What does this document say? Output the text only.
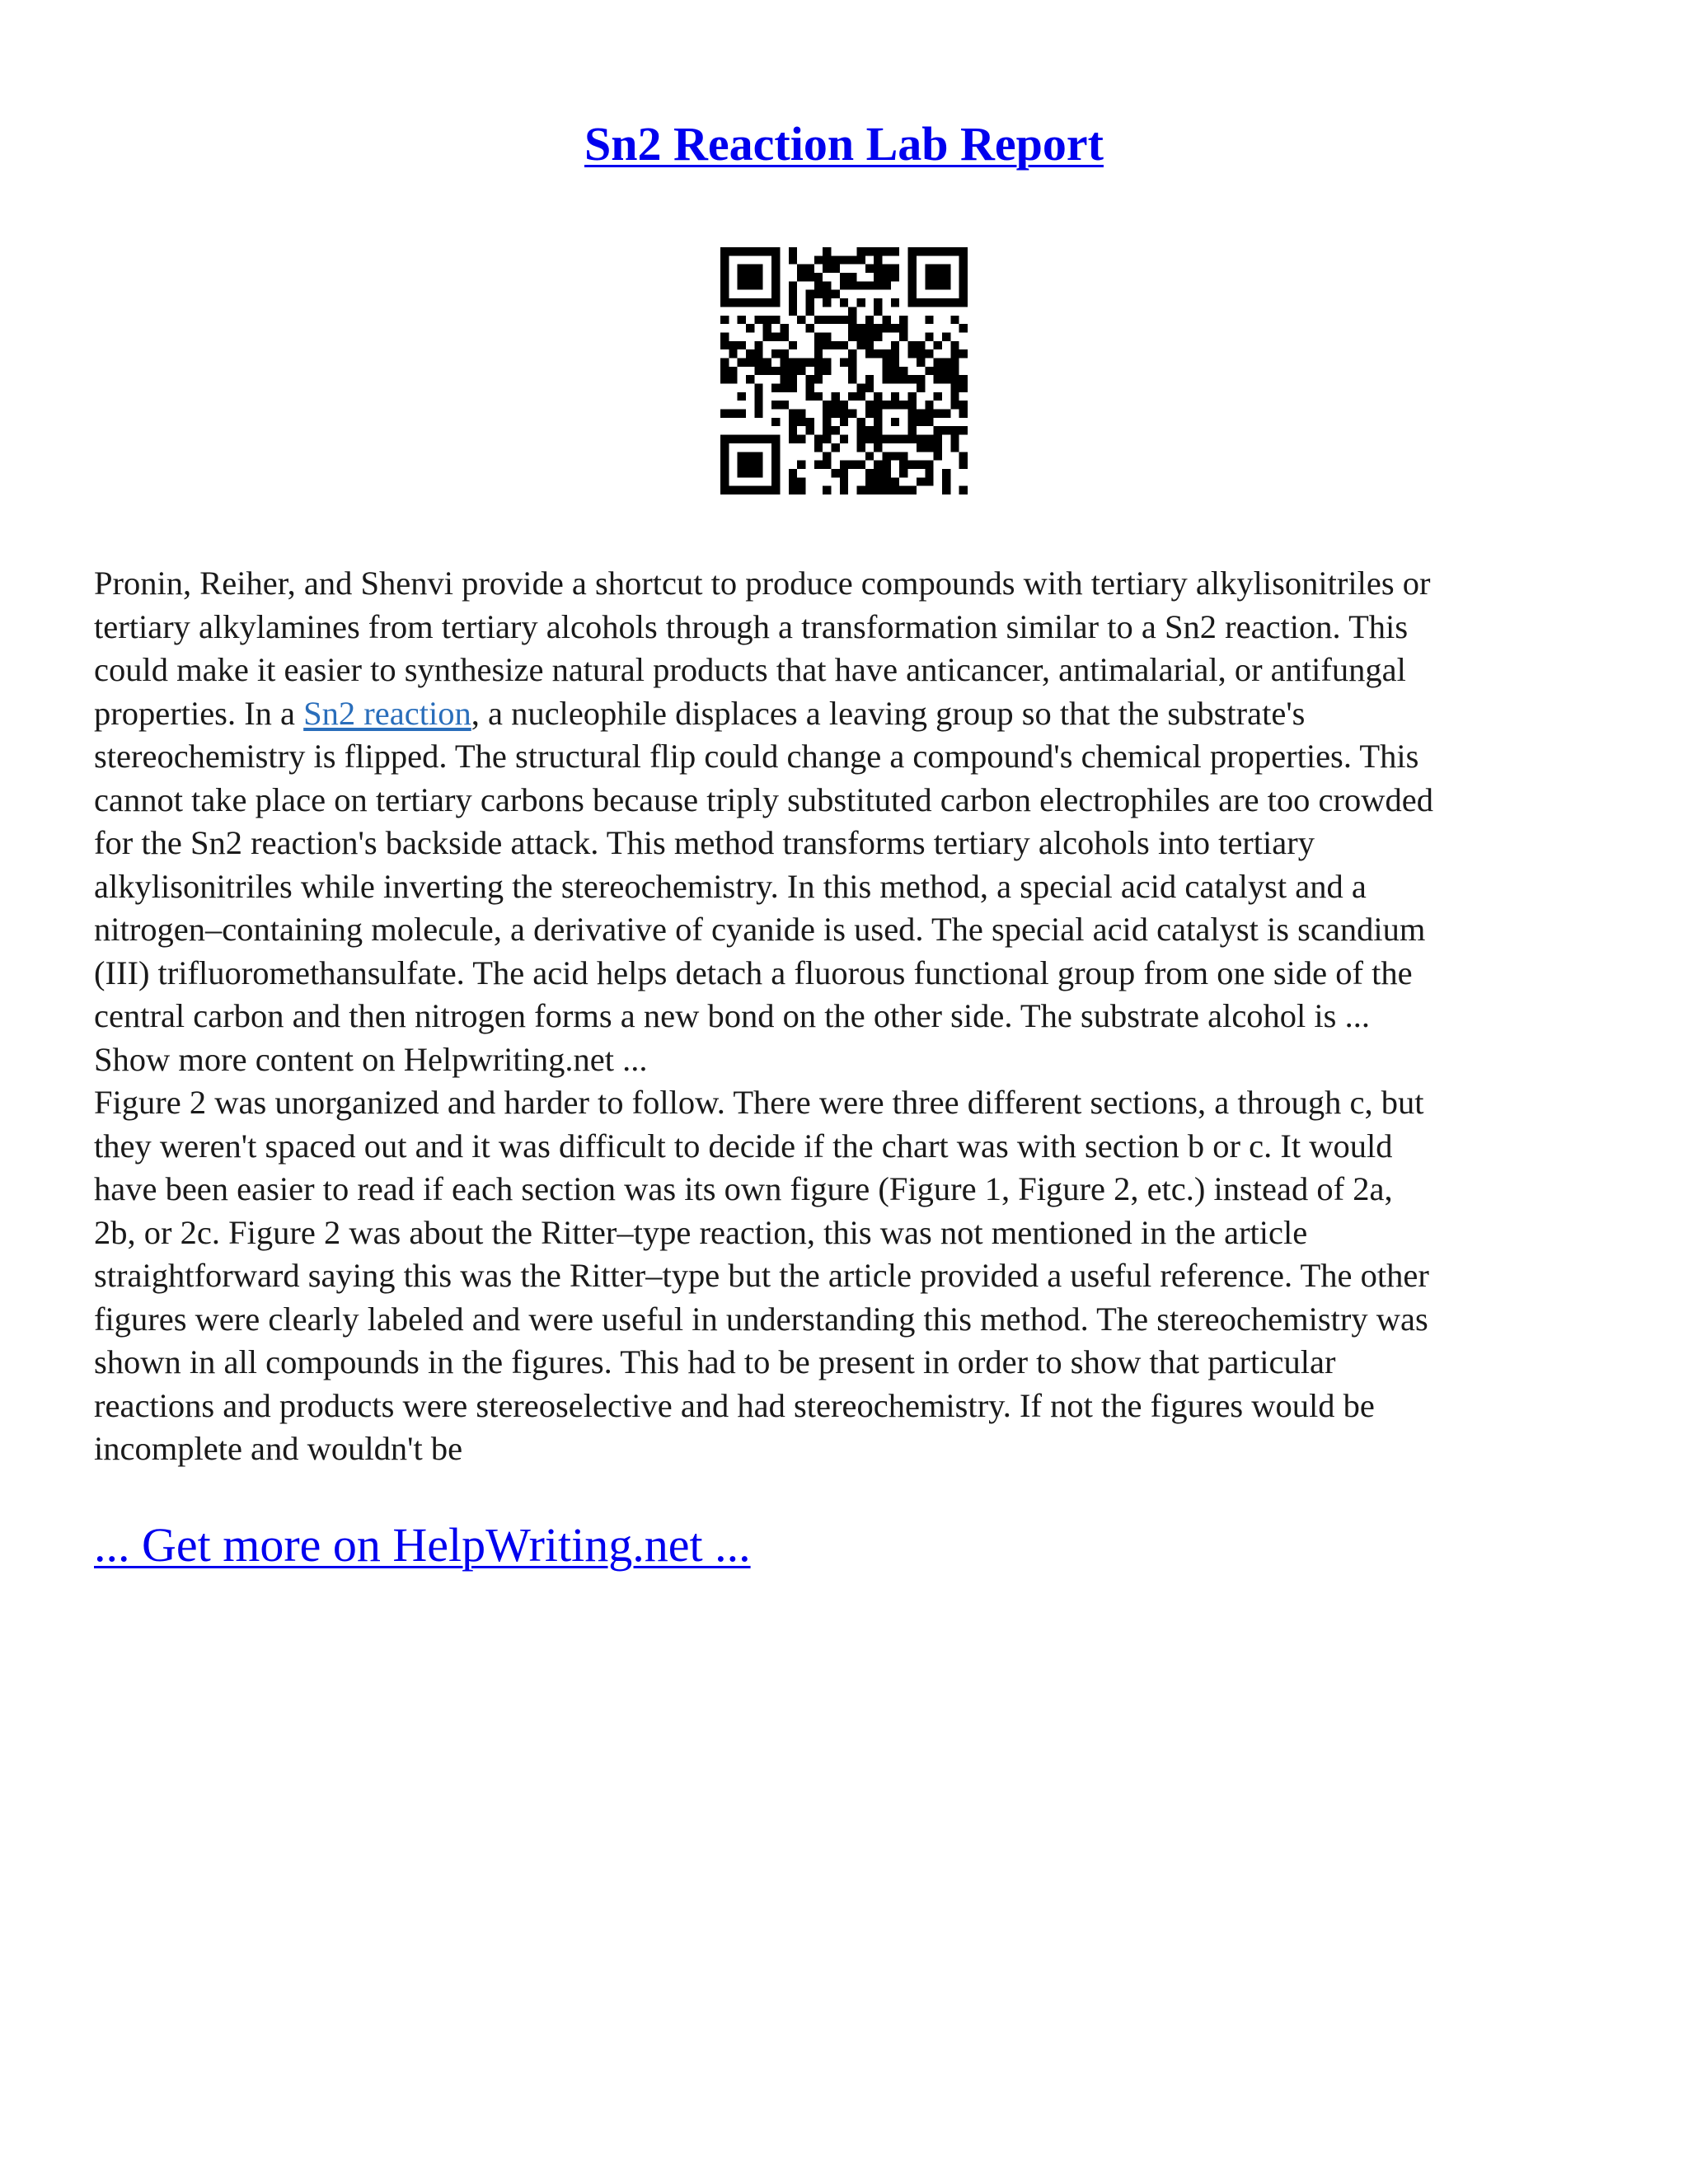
Sn2 Reaction Lab Report
Pronin, Reiher, and Shenvi provide a shortcut to produce compounds with tertiary alkylisonitriles or
tertiary alkylamines from tertiary alcohols through a transformation similar to a Sn2 reaction. This
could make it easier to synthesize natural products that have anticancer, antimalarial, or antifungal
properties. In a Sn2 reaction, a nucleophile displaces a leaving group so that the substrate's
stereochemistry is flipped. The structural flip could change a compound's chemical properties. This
cannot take place on tertiary carbons because triply substituted carbon electrophiles are too crowded
for the Sn2 reaction's backside attack. This method transforms tertiary alcohols into tertiary
alkylisonitriles while inverting the stereochemistry. In this method, a special acid catalyst and a
nitrogen–containing molecule, a derivative of cyanide is used. The special acid catalyst is scandium
(III) trifluoromethansulfate. The acid helps detach a fluorous functional group from one side of the
central carbon and then nitrogen forms a new bond on the other side. The substrate alcohol is ...
Show more content on Helpwriting.net ...
Figure 2 was unorganized and harder to follow. There were three different sections, a through c, but
they weren't spaced out and it was difficult to decide if the chart was with section b or c. It would
have been easier to read if each section was its own figure (Figure 1, Figure 2, etc.) instead of 2a,
2b, or 2c. Figure 2 was about the Ritter–type reaction, this was not mentioned in the article
straightforward saying this was the Ritter–type but the article provided a useful reference. The other
figures were clearly labeled and were useful in understanding this method. The stereochemistry was
shown in all compounds in the figures. This had to be present in order to show that particular
reactions and products were stereoselective and had stereochemistry. If not the figures would be
incomplete and wouldn't be
... Get more on HelpWriting.net ...
